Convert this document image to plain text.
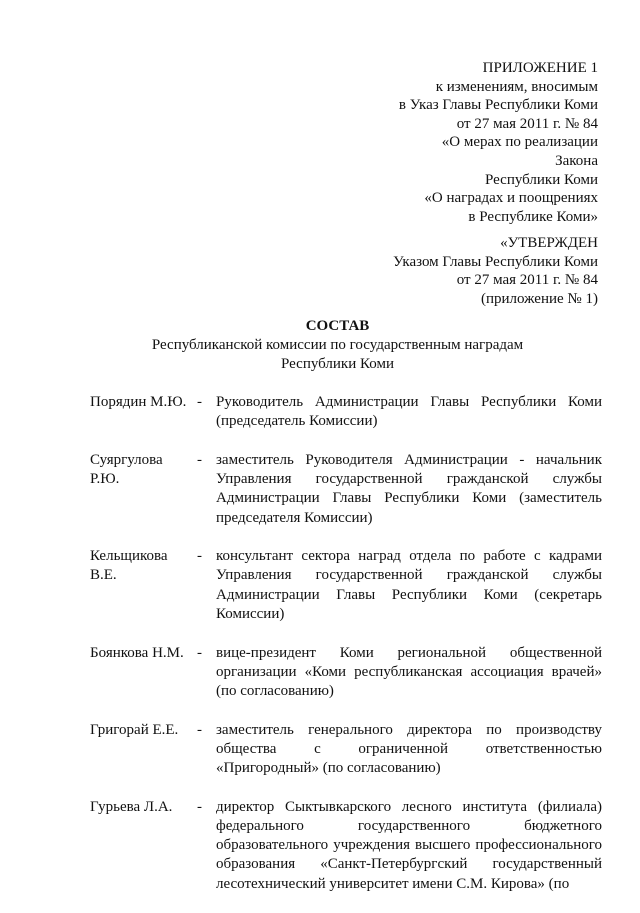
ПРИЛОЖЕНИЕ 1
к изменениям, вносимым
в Указ Главы Республики Коми
от 27 мая 2011 г. № 84
«О мерах по реализации
Закона
Республики Коми
«О наградах и поощрениях
в Республике Коми»
«УТВЕРЖДЕН
Указом Главы Республики Коми
от 27 мая 2011 г. № 84
(приложение № 1)
СОСТАВ
Республиканской комиссии по государственным наградам
Республики Коми
Порядин М.Ю. - Руководитель Администрации Главы Республики Коми
(председатель Комиссии)
Суяргулова Р.Ю.
- заместитель Руководителя Администрации - начальник
Управления государственной гражданской службы
Администрации Главы Республики Коми (заместитель
председателя Комиссии)
Кельщикова В.Е.
- консультант сектора наград отдела по работе с кадрами
Управления государственной гражданской службы
Администрации Главы Республики Коми (секретарь
Комиссии)
Боянкова Н.М. - вице-президент Коми региональной общественной
организации «Коми республиканская ассоциация врачей»
(по согласованию)
Григорай Е.Е.	- заместитель генерального директора по производству
общества с ограниченной ответственностью
«Пригородный» (по согласованию)
Гурьева Л.А.	- директор Сыктывкарского лесного института (филиала)
федерального государственного бюджетного
образовательного учреждения высшего профессионального
образования «Санкт-Петербургский государственный
лесотехнический университет имени С.М. Кирова» (по
